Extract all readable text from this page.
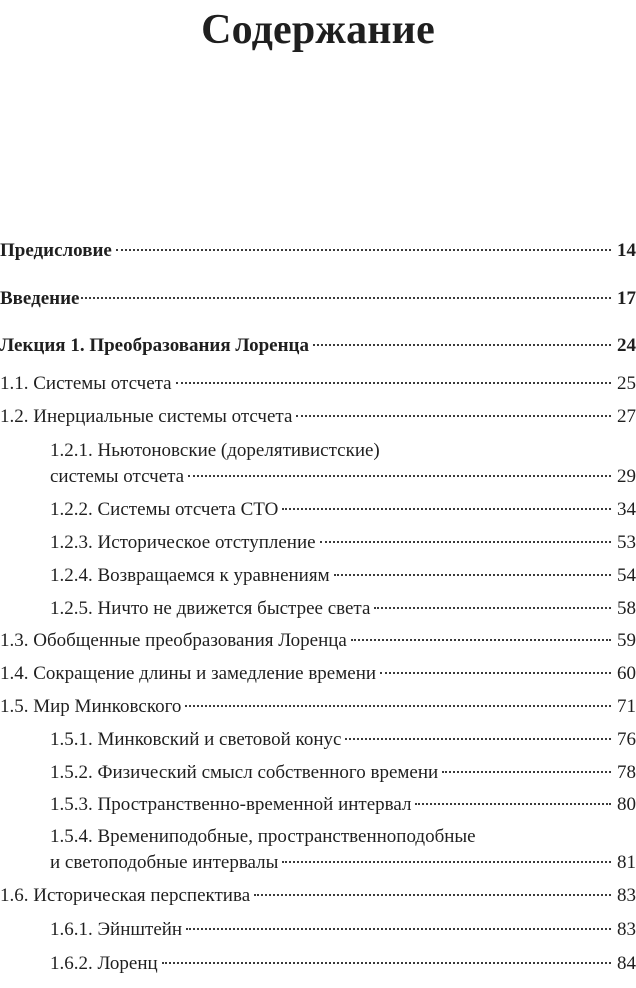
Содержание
Предисловие	14
Введение	17
Лекция 1. Преобразования Лоренца	24
1.1. Системы отсчета	25
1.2. Инерциальные системы отсчета	27
1.2.1. Ньютоновские (дорелятивистские)
системы отсчета	29
1.2.2. Системы отсчета СТО	34
1.2.3. Историческое отступление	53
1.2.4. Возвращаемся к уравнениям	54
1.2.5. Ничто не движется быстрее света	58
1.3. Обобщенные преобразования Лоренца	59
1.4. Сокращение длины и замедление времени	60
1.5. Мир Минковского	71
1.5.1. Минковский и световой конус	76
1.5.2. Физический смысл собственного времени	78
1.5.3. Пространственно-временной интервал	80
1.5.4. Времениподобные, пространственноподобные
и светоподобные интервалы	81
1.6. Историческая перспектива	83
1.6.1. Эйнштейн	83
1.6.2. Лоренц	84
